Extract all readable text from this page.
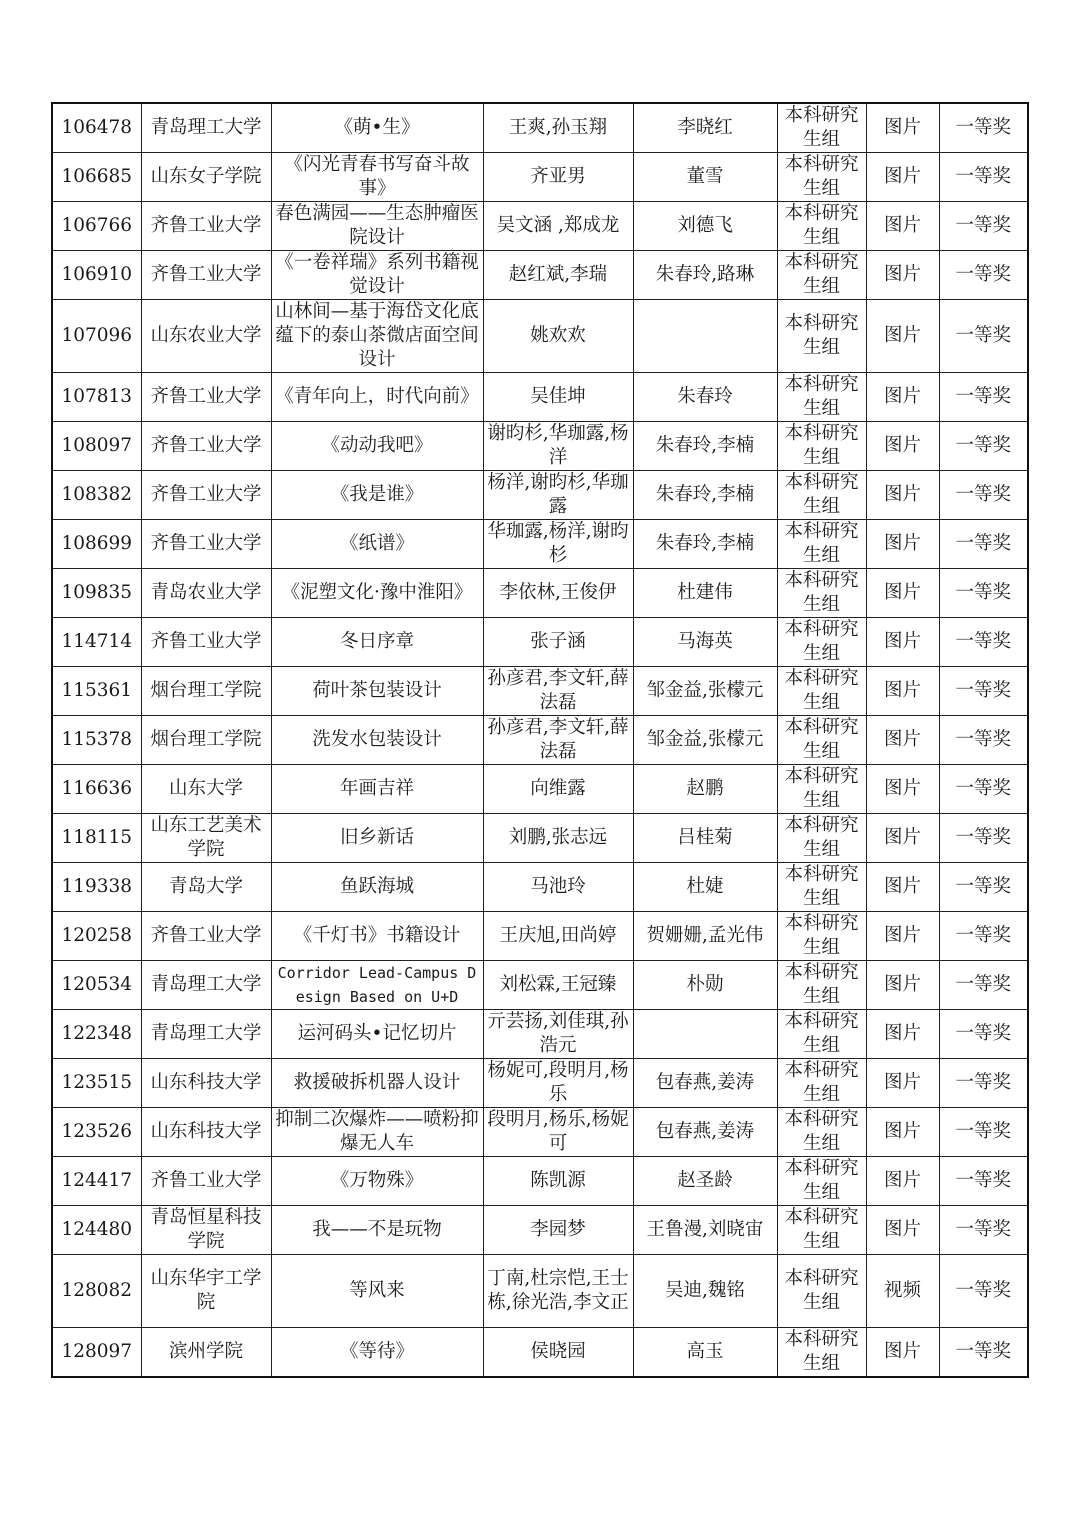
106478	青岛理工大学	《萌•生》	王爽,孙玉翔	李晓红	本科研究生组	图片	一等奖
106685	山东女子学院	《闪光青春书写奋斗故事》	齐亚男	董雪	本科研究生组	图片	一等奖
106766	齐鲁工业大学	春色满园——生态肿瘤医院设计	吴文涵 ,郑成龙	刘德飞	本科研究生组	图片	一等奖
106910	齐鲁工业大学	《一卷祥瑞》系列书籍视觉设计	赵红斌,李瑞	朱春玲,路琳	本科研究生组	图片	一等奖
107096	山东农业大学	山林间—基于海岱文化底蕴下的泰山茶微店面空间设计	姚欢欢		本科研究生组	图片	一等奖
107813	齐鲁工业大学	《青年向上，时代向前》	吴佳坤	朱春玲	本科研究生组	图片	一等奖
108097	齐鲁工业大学	《动动我吧》	谢昀杉,华珈露,杨洋	朱春玲,李楠	本科研究生组	图片	一等奖
108382	齐鲁工业大学	《我是谁》	杨洋,谢昀杉,华珈露	朱春玲,李楠	本科研究生组	图片	一等奖
108699	齐鲁工业大学	《纸谱》	华珈露,杨洋,谢昀杉	朱春玲,李楠	本科研究生组	图片	一等奖
109835	青岛农业大学	《泥塑文化·豫中淮阳》	李依林,王俊伊	杜建伟	本科研究生组	图片	一等奖
114714	齐鲁工业大学	冬日序章	张子涵	马海英	本科研究生组	图片	一等奖
115361	烟台理工学院	荷叶茶包装设计	孙彦君,李文轩,薛法磊	邹金益,张檬元	本科研究生组	图片	一等奖
115378	烟台理工学院	洗发水包装设计	孙彦君,李文轩,薛法磊	邹金益,张檬元	本科研究生组	图片	一等奖
116636	山东大学	年画吉祥	向维露	赵鹏	本科研究生组	图片	一等奖
118115	山东工艺美术学院	旧乡新话	刘鹏,张志远	吕桂菊	本科研究生组	图片	一等奖
119338	青岛大学	鱼跃海城	马池玲	杜婕	本科研究生组	图片	一等奖
120258	齐鲁工业大学	《千灯书》书籍设计	王庆旭,田尚婷	贺姗姗,孟光伟	本科研究生组	图片	一等奖
120534	青岛理工大学	Corridor Lead-Campus Design Based on U+D	刘松霖,王冠臻	朴勋	本科研究生组	图片	一等奖
122348	青岛理工大学	运河码头•记忆切片	亓芸扬,刘佳琪,孙浩元		本科研究生组	图片	一等奖
123515	山东科技大学	救援破拆机器人设计	杨妮可,段明月,杨乐	包春燕,姜涛	本科研究生组	图片	一等奖
123526	山东科技大学	抑制二次爆炸——喷粉抑爆无人车	段明月,杨乐,杨妮可	包春燕,姜涛	本科研究生组	图片	一等奖
124417	齐鲁工业大学	《万物殊》	陈凯源	赵圣龄	本科研究生组	图片	一等奖
124480	青岛恒星科技学院	我——不是玩物	李园梦	王鲁漫,刘晓宙	本科研究生组	图片	一等奖
128082	山东华宇工学院	等风来	丁南,杜宗恺,王士栋,徐光浩,李文正	吴迪,魏铭	本科研究生组	视频	一等奖
128097	滨州学院	《等待》	侯晓园	高玉	本科研究生组	图片	一等奖
